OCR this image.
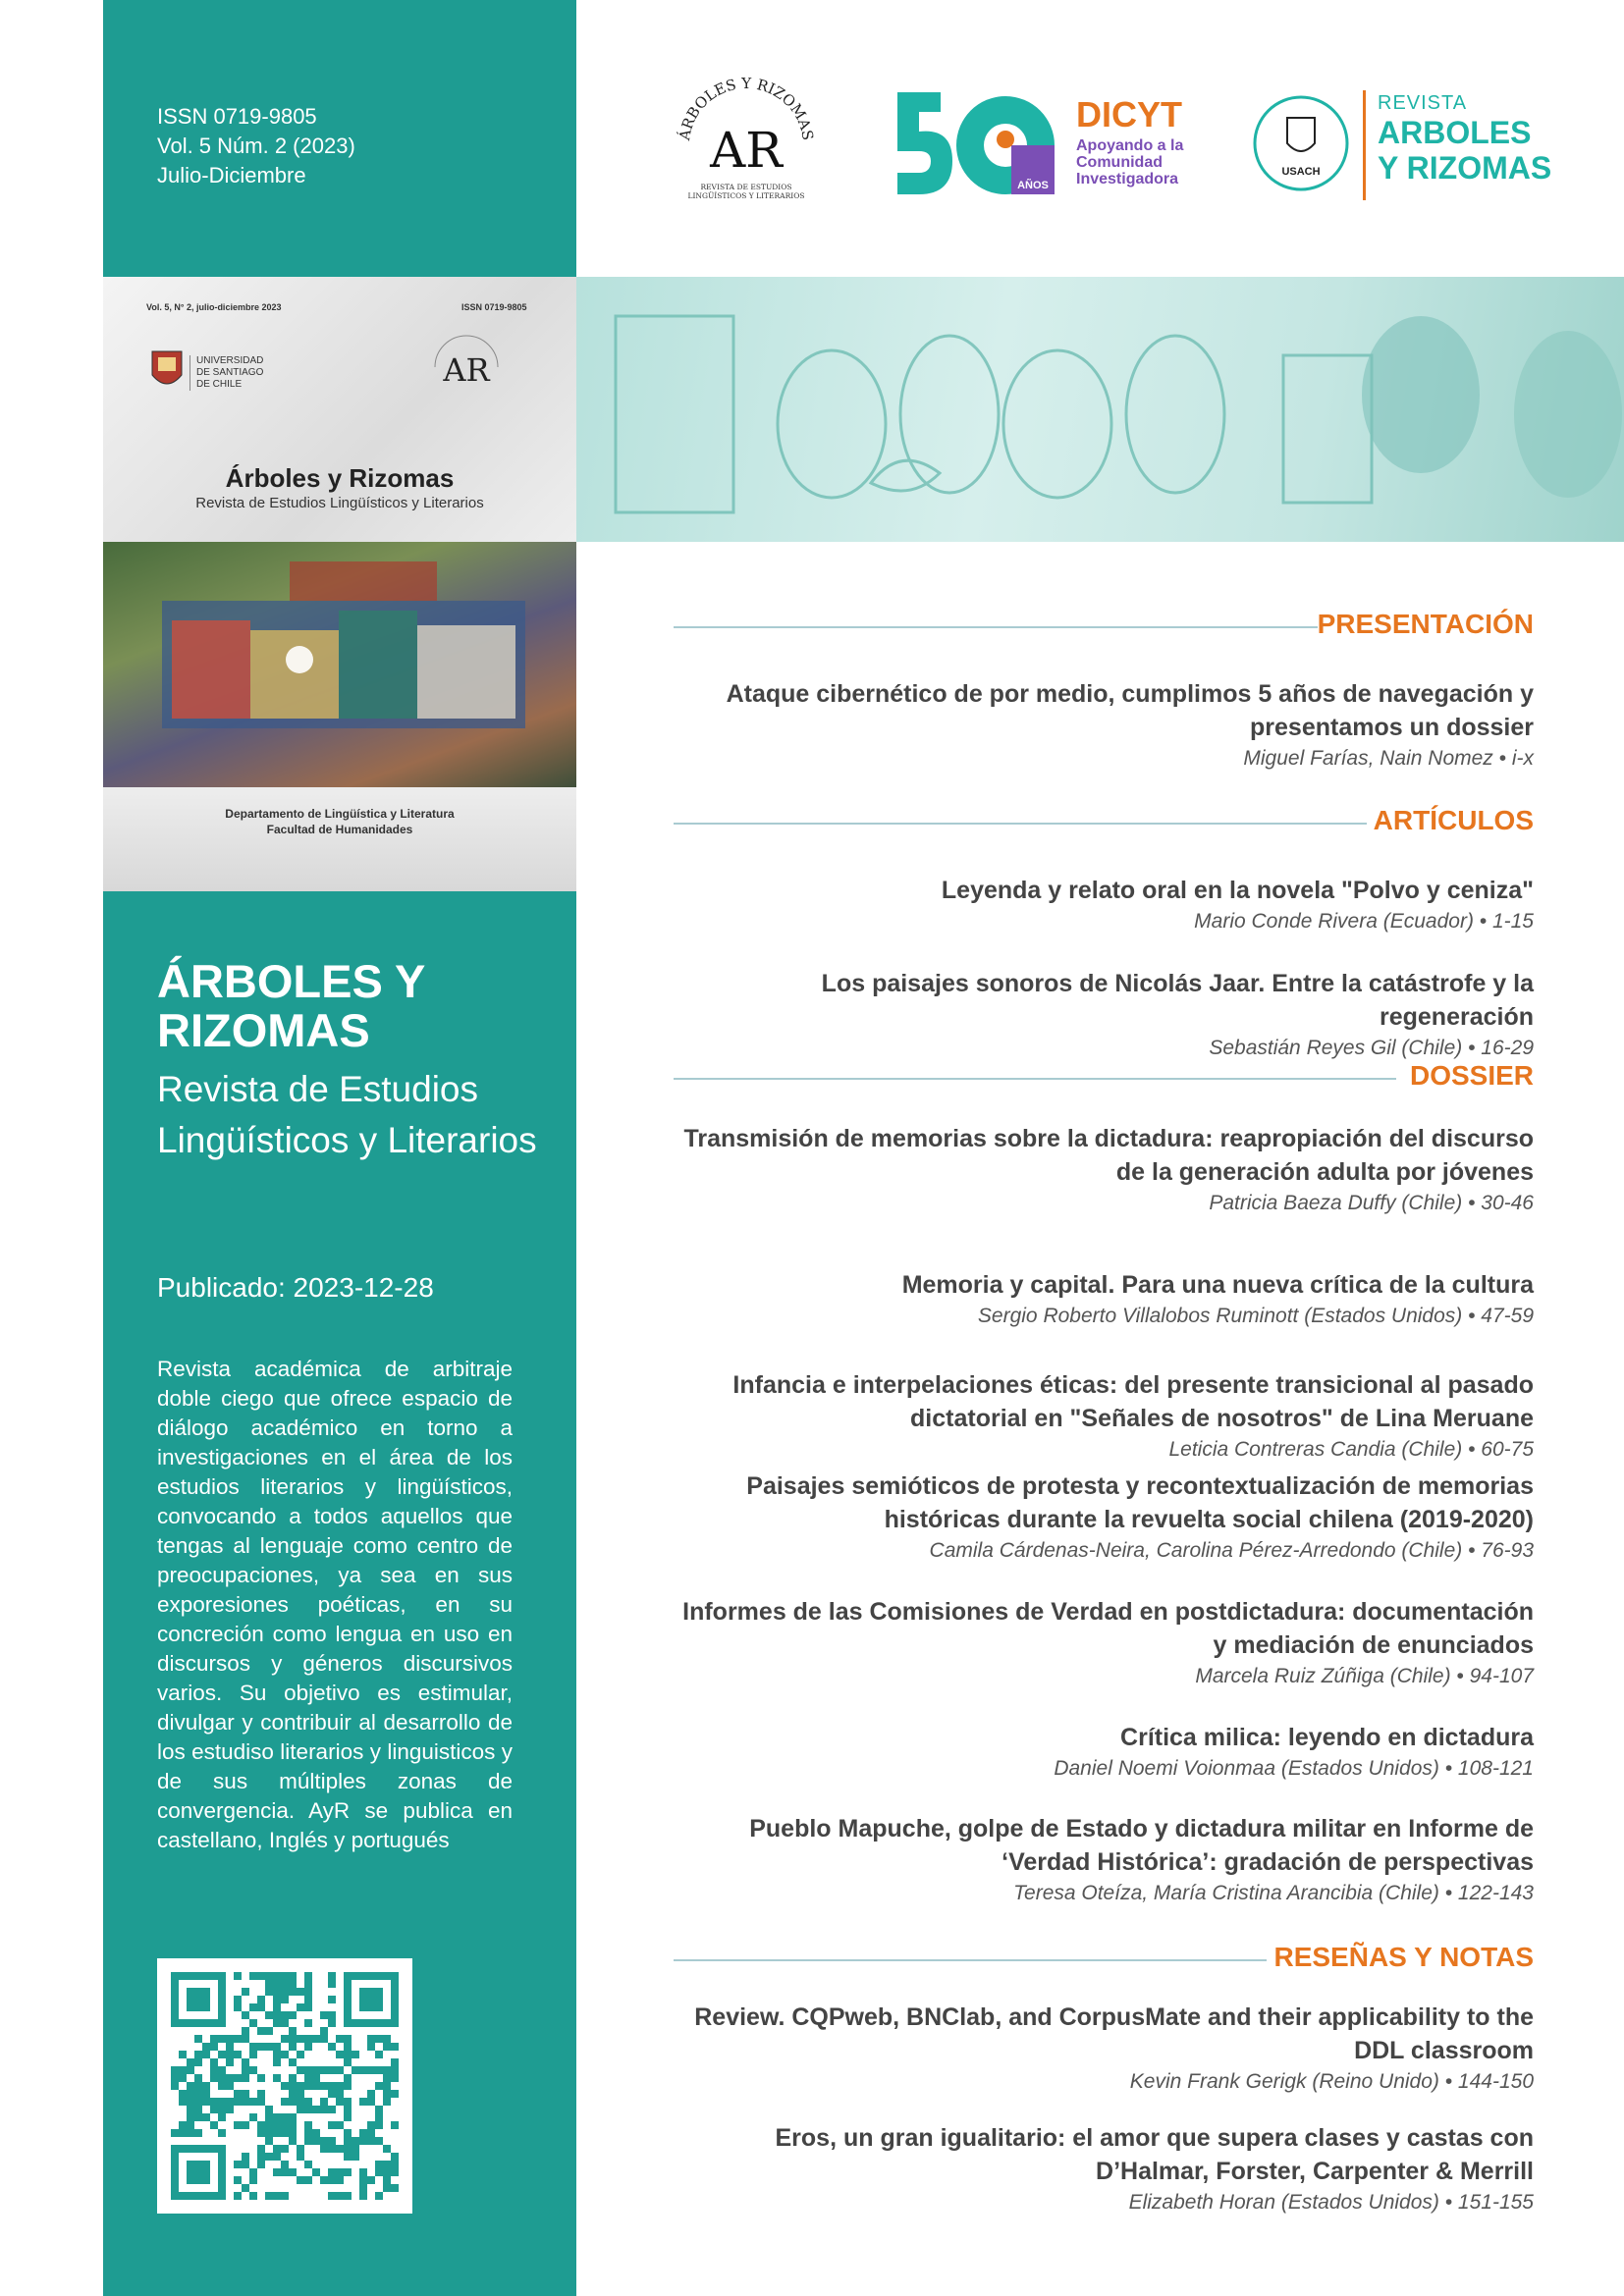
ISSN 0719-9805
Vol. 5 Núm. 2 (2023)
Julio-Diciembre
Vol. 5, N° 2, julio-diciembre 2023	ISSN 0719-9805
UNIVERSIDAD DE SANTIAGO DE CHILE	AR
Árboles y Rizomas
Revista de Estudios Lingüísticos y Literarios
Departamento de Lingüística y Literatura
Facultad de Humanidades
ÁRBOLES Y RIZOMAS
Revista de Estudios Lingüísticos y Literarios
Publicado: 2023-12-28
Revista académica de arbitraje doble ciego que ofrece espacio de diálogo académico en torno a investigaciones en el área de los estudios literarios y lingüísticos, convocando a todos aquellos que tengas al lenguaje como centro de preocupaciones, ya sea en sus exporesiones poéticas, en su concreción como lengua en uso en discursos y géneros discursivos varios. Su objetivo es estimular, divulgar y contribuir al desarrollo de los estudiso literarios y linguisticos y de sus múltiples zonas de convergencia. AyR se publica en castellano, Inglés y portugués
ÁRBOLES Y RIZOMAS
AR
REVISTA DE ESTUDIOS LINGÜÍSTICOS Y LITERARIOS
AÑOS
DICYT
Apoyando a la Comunidad Investigadora	USACH
REVISTA
ARBOLES
Y RIZOMAS
PRESENTACIÓN
Ataque cibernético de por medio, cumplimos 5 años de navegación y presentamos un dossier
Miguel Farías, Nain Nomez • i-x
ARTÍCULOS
Leyenda y relato oral en la novela "Polvo y ceniza"
Mario Conde Rivera (Ecuador) • 1-15
Los paisajes sonoros de Nicolás Jaar. Entre la catástrofe y la regeneración
Sebastián Reyes Gil (Chile) • 16-29
DOSSIER
Transmisión de memorias sobre la dictadura: reapropiación del discurso de la generación adulta por jóvenes
Patricia Baeza Duffy (Chile) • 30-46
Memoria y capital. Para una nueva crítica de la cultura
Sergio Roberto Villalobos Ruminott (Estados Unidos) • 47-59
Infancia e interpelaciones éticas: del presente transicional al pasado dictatorial en "Señales de nosotros" de Lina Meruane
Leticia Contreras Candia (Chile) • 60-75
Paisajes semióticos de protesta y recontextualización de memorias históricas durante la revuelta social chilena (2019-2020)
Camila Cárdenas-Neira, Carolina Pérez-Arredondo (Chile) • 76-93
Informes de las Comisiones de Verdad en postdictadura: documentación y mediación de enunciados
Marcela Ruiz Zúñiga (Chile) • 94-107
Crítica milica: leyendo en dictadura
Daniel Noemi Voionmaa (Estados Unidos) • 108-121
Pueblo Mapuche, golpe de Estado y dictadura militar en Informe de ‘Verdad Histórica’: gradación de perspectivas
Teresa Oteíza, María Cristina Arancibia (Chile) • 122-143
RESEÑAS Y NOTAS
Review. CQPweb, BNClab, and CorpusMate and their applicability to the DDL classroom
Kevin Frank Gerigk (Reino Unido) • 144-150
Eros, un gran igualitario: el amor que supera clases y castas con D’Halmar, Forster, Carpenter & Merrill
Elizabeth Horan (Estados Unidos) • 151-155
